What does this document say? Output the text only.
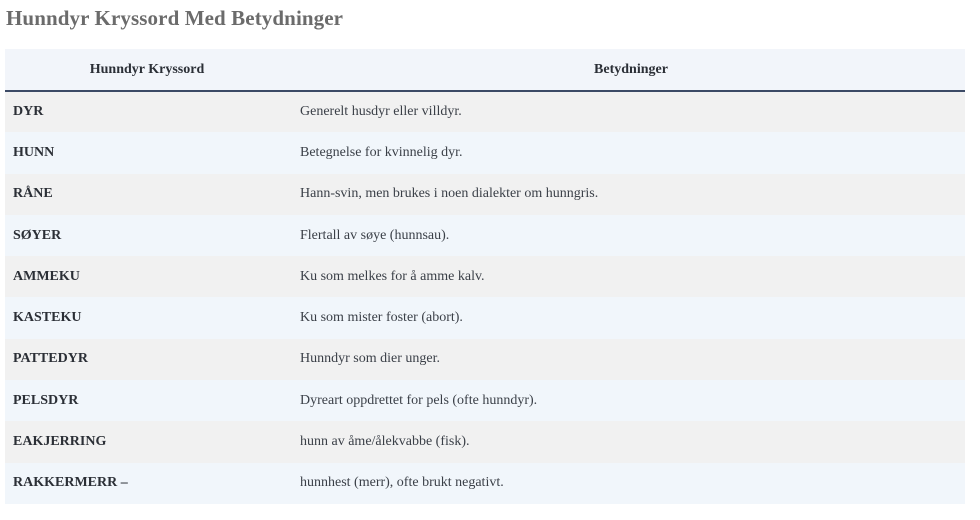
Hunndyr Kryssord Med Betydninger
Hunndyr Kryssord	Betydninger
DYR	Generelt husdyr eller villdyr.
HUNN	Betegnelse for kvinnelig dyr.
RÅNE	Hann-svin, men brukes i noen dialekter om hunngris.
SØYER	Flertall av søye (hunnsau).
AMMEKU	Ku som melkes for å amme kalv.
KASTEKU	Ku som mister foster (abort).
PATTEDYR	Hunndyr som dier unger.
PELSDYR	Dyreart oppdrettet for pels (ofte hunndyr).
EAKJERRING	hunn av åme/ålekvabbe (fisk).
RAKKERMERR –	hunnhest (merr), ofte brukt negativt.
